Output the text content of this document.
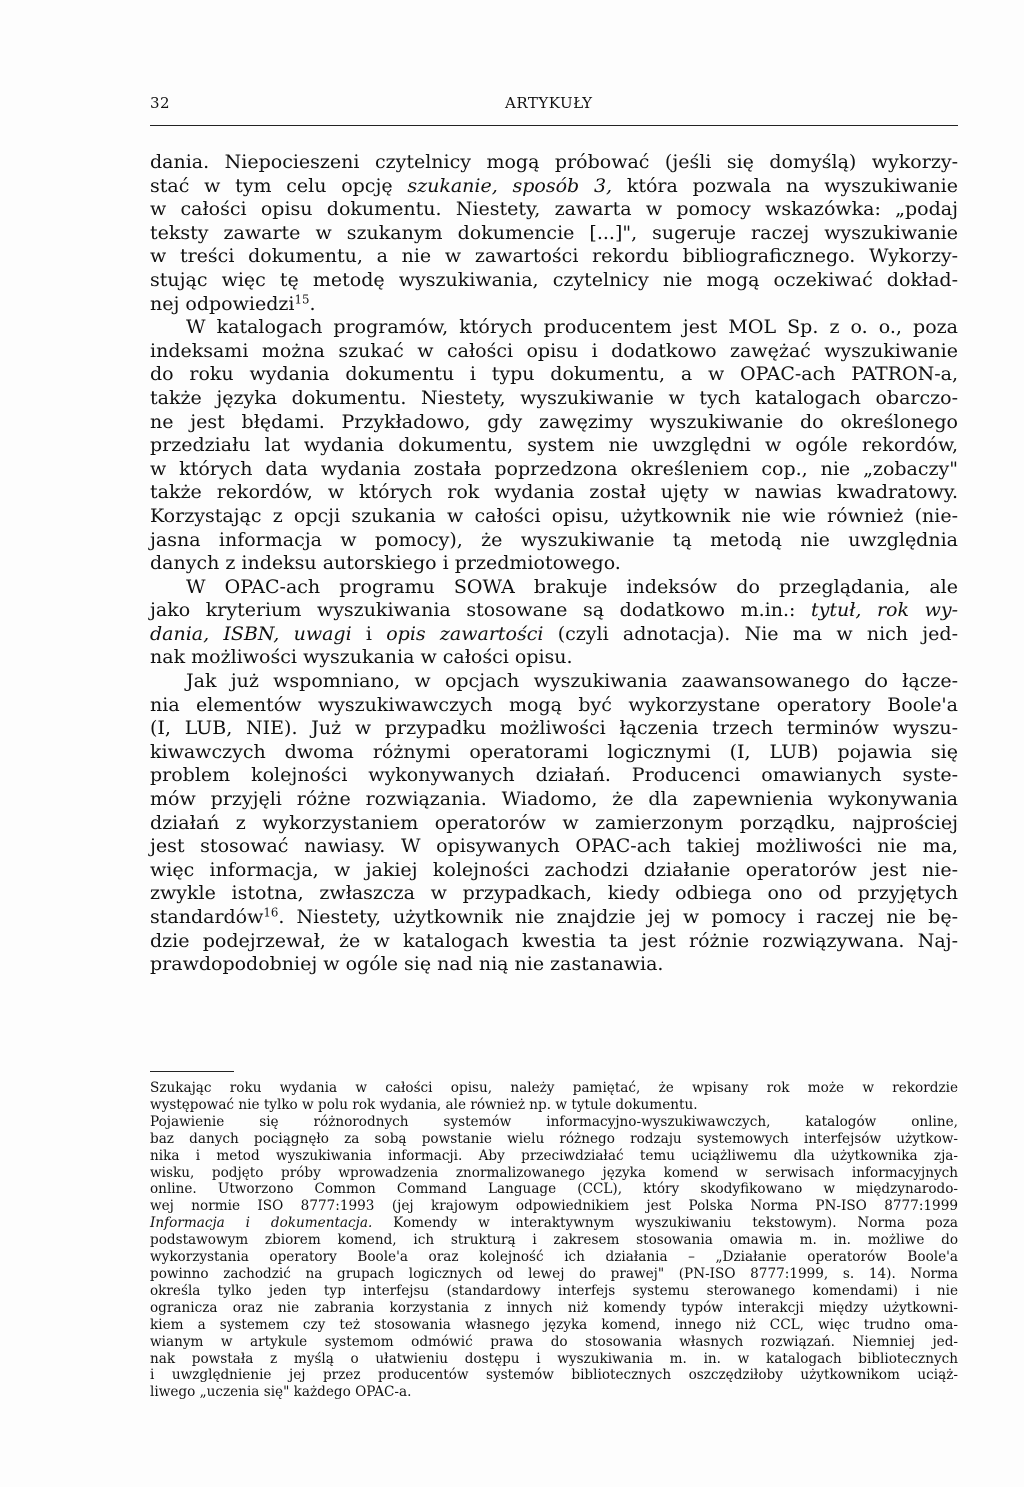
32	ARTYKUŁY
dania. Niepocieszeni czytelnicy mogą próbować (jeśli się domyślą) wykorzy-
stać w tym celu opcję szukanie, sposób 3, która pozwala na wyszukiwanie
w całości opisu dokumentu. Niestety, zawarta w pomocy wskazówka: „podaj
teksty zawarte w szukanym dokumencie [...]", sugeruje raczej wyszukiwanie
w treści dokumentu, a nie w zawartości rekordu bibliograficznego. Wykorzy-
stując więc tę metodę wyszukiwania, czytelnicy nie mogą oczekiwać dokład-
nej odpowiedzi$^{15}$.
W katalogach programów, których producentem jest MOL Sp. z o. o., poza
indeksami można szukać w całości opisu i dodatkowo zawężać wyszukiwanie
do roku wydania dokumentu i typu dokumentu, a w OPAC-ach PATRON-a,
także języka dokumentu. Niestety, wyszukiwanie w tych katalogach obarczo-
ne jest błędami. Przykładowo, gdy zawęzimy wyszukiwanie do określonego
przedziału lat wydania dokumentu, system nie uwzględni w ogóle rekordów,
w których data wydania została poprzedzona określeniem cop., nie „zobaczy"
także rekordów, w których rok wydania został ujęty w nawias kwadratowy.
Korzystając z opcji szukania w całości opisu, użytkownik nie wie również (nie-
jasna informacja w pomocy), że wyszukiwanie tą metodą nie uwzględnia
danych z indeksu autorskiego i przedmiotowego.
W OPAC-ach programu SOWA brakuje indeksów do przeglądania, ale
jako kryterium wyszukiwania stosowane są dodatkowo m.in.: tytuł, rok wy-
dania, ISBN, uwagi i opis zawartości (czyli adnotacja). Nie ma w nich jed-
nak możliwości wyszukania w całości opisu.
Jak już wspomniano, w opcjach wyszukiwania zaawansowanego do łącze-
nia elementów wyszukiwawczych mogą być wykorzystane operatory Boole'a
(I, LUB, NIE). Już w przypadku możliwości łączenia trzech terminów wyszu-
kiwawczych dwoma różnymi operatorami logicznymi (I, LUB) pojawia się
problem kolejności wykonywanych działań. Producenci omawianych syste-
mów przyjęli różne rozwiązania. Wiadomo, że dla zapewnienia wykonywania
działań z wykorzystaniem operatorów w zamierzonym porządku, najprościej
jest stosować nawiasy. W opisywanych OPAC-ach takiej możliwości nie ma,
więc informacja, w jakiej kolejności zachodzi działanie operatorów jest nie-
zwykle istotna, zwłaszcza w przypadkach, kiedy odbiega ono od przyjętych
standardów$^{16}$. Niestety, użytkownik nie znajdzie jej w pomocy i raczej nie bę-
dzie podejrzewał, że w katalogach kwestia ta jest różnie rozwiązywana. Naj-
prawdopodobniej w ogóle się nad nią nie zastanawia.
Szukając roku wydania w całości opisu, należy pamiętać, że wpisany rok może w rekordzie
występować nie tylko w polu rok wydania, ale również np. w tytule dokumentu.
Pojawienie się różnorodnych systemów informacyjno-wyszukiwawczych, katalogów online,
baz danych pociągnęło za sobą powstanie wielu różnego rodzaju systemowych interfejsów użytkow-
nika i metod wyszukiwania informacji. Aby przeciwdziałać temu uciążliwemu dla użytkownika zja-
wisku, podjęto próby wprowadzenia znormalizowanego języka komend w serwisach informacyjnych
online. Utworzono Common Command Language (CCL), który skodyfikowano w międzynarodo-
wej normie ISO 8777:1993 (jej krajowym odpowiednikiem jest Polska Norma PN-ISO 8777:1999
Informacja i dokumentacja. Komendy w interaktywnym wyszukiwaniu tekstowym). Norma poza
podstawowym zbiorem komend, ich strukturą i zakresem stosowania omawia m. in. możliwe do
wykorzystania operatory Boole'a oraz kolejność ich działania – „Działanie operatorów Boole'a
powinno zachodzić na grupach logicznych od lewej do prawej" (PN-ISO 8777:1999, s. 14). Norma
określa tylko jeden typ interfejsu (standardowy interfejs systemu sterowanego komendami) i nie
ogranicza oraz nie zabrania korzystania z innych niż komendy typów interakcji między użytkowni-
kiem a systemem czy też stosowania własnego języka komend, innego niż CCL, więc trudno oma-
wianym w artykule systemom odmówić prawa do stosowania własnych rozwiązań. Niemniej jed-
nak powstała z myślą o ułatwieniu dostępu i wyszukiwania m. in. w katalogach bibliotecznych
i uwzględnienie jej przez producentów systemów bibliotecznych oszczędziłoby użytkownikom uciąż-
liwego „uczenia się" każdego OPAC-a.
